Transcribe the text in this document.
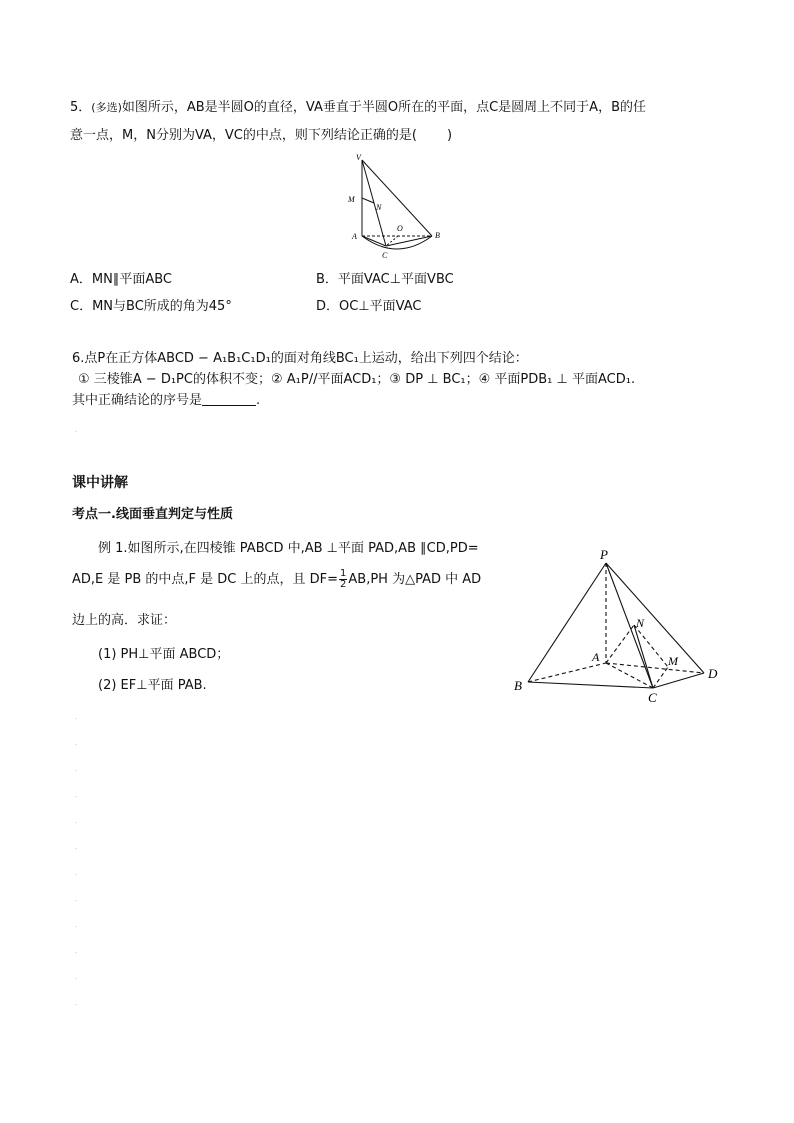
5．(多选)如图所示，AB是半圆O的直径，VA垂直于半圆O所在的平面，点C是圆周上不同于A，B的任
意一点，M，N分别为VA，VC的中点，则下列结论正确的是( )
V
M
N
A
O
B
C
A．MN∥平面ABC	B．平面VAC⊥平面VBC
C．MN与BC所成的角为45°	D．OC⊥平面VAC
6.点P在正方体ABCD − A₁B₁C₁D₁的面对角线BC₁上运动，给出下列四个结论：
① 三棱锥A − D₁PC的体积不变；② A₁P//平面ACD₁；③ DP ⊥ BC₁；④ 平面PDB₁ ⊥ 平面ACD₁.
其中正确结论的序号是	.
课中讲解
考点一.线面垂直判定与性质
例 1.如图所示,在四棱锥 PABCD 中,AB ⊥平面 PAD,AB ∥CD,PD=
AD,E 是 PB 的中点,F 是 DC 上的点，且 $DF= \frac{1}{2} AB,PH$ 为△PAD 中 AD
边上的高．求证：
(1) PH⊥平面 ABCD；
(2) EF⊥平面 PAB.
P
N
A	M
D
B
C
.
.
.
.
.
.
.
.
.
.
.
.
.
